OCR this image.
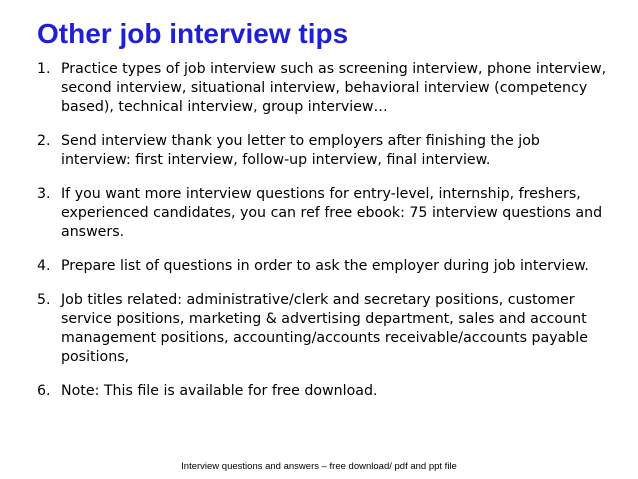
Other job interview tips
1. Practice types of job interview such as screening interview, phone interview, second interview, situational interview, behavioral interview (competency based), technical interview, group interview…
2. Send interview thank you letter to employers after finishing the job interview: first interview, follow-up interview, final interview.
3. If you want more interview questions for entry-level, internship, freshers, experienced candidates, you can ref free ebook: 75 interview questions and answers.
4. Prepare list of questions in order to ask the employer during job interview.
5. Job titles related: administrative/clerk and secretary positions, customer service positions, marketing & advertising department, sales and account management positions, accounting/accounts receivable/accounts payable positions,
6. Note: This file is available for free download.
Interview questions and answers – free download/ pdf and ppt file
